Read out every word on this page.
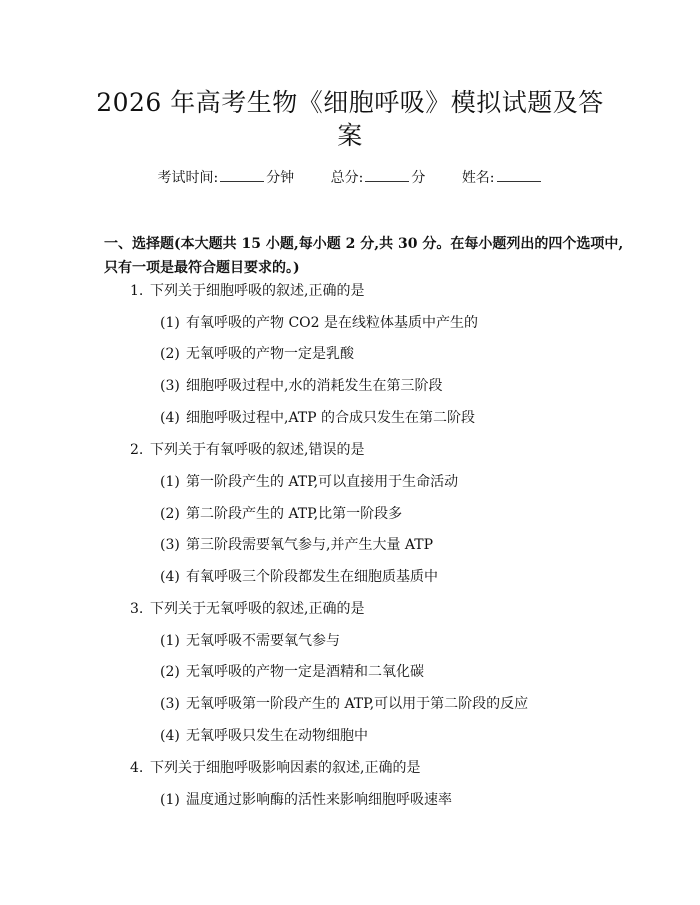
2026 年高考生物《细胞呼吸》模拟试题及答
案
考试时间:	分钟	总分:	分	姓名:
一、选择题(本大题共 15 小题,每小题 2 分,共 30 分。在每小题列出的四个选项中,只有一项是最符合题目要求的。)
1. 下列关于细胞呼吸的叙述,正确的是
(1) 有氧呼吸的产物 CO2 是在线粒体基质中产生的
(2) 无氧呼吸的产物一定是乳酸
(3) 细胞呼吸过程中,水的消耗发生在第三阶段
(4) 细胞呼吸过程中,ATP 的合成只发生在第二阶段
2. 下列关于有氧呼吸的叙述,错误的是
(1) 第一阶段产生的 ATP,可以直接用于生命活动
(2) 第二阶段产生的 ATP,比第一阶段多
(3) 第三阶段需要氧气参与,并产生大量 ATP
(4) 有氧呼吸三个阶段都发生在细胞质基质中
3. 下列关于无氧呼吸的叙述,正确的是
(1) 无氧呼吸不需要氧气参与
(2) 无氧呼吸的产物一定是酒精和二氧化碳
(3) 无氧呼吸第一阶段产生的 ATP,可以用于第二阶段的反应
(4) 无氧呼吸只发生在动物细胞中
4. 下列关于细胞呼吸影响因素的叙述,正确的是
(1) 温度通过影响酶的活性来影响细胞呼吸速率
